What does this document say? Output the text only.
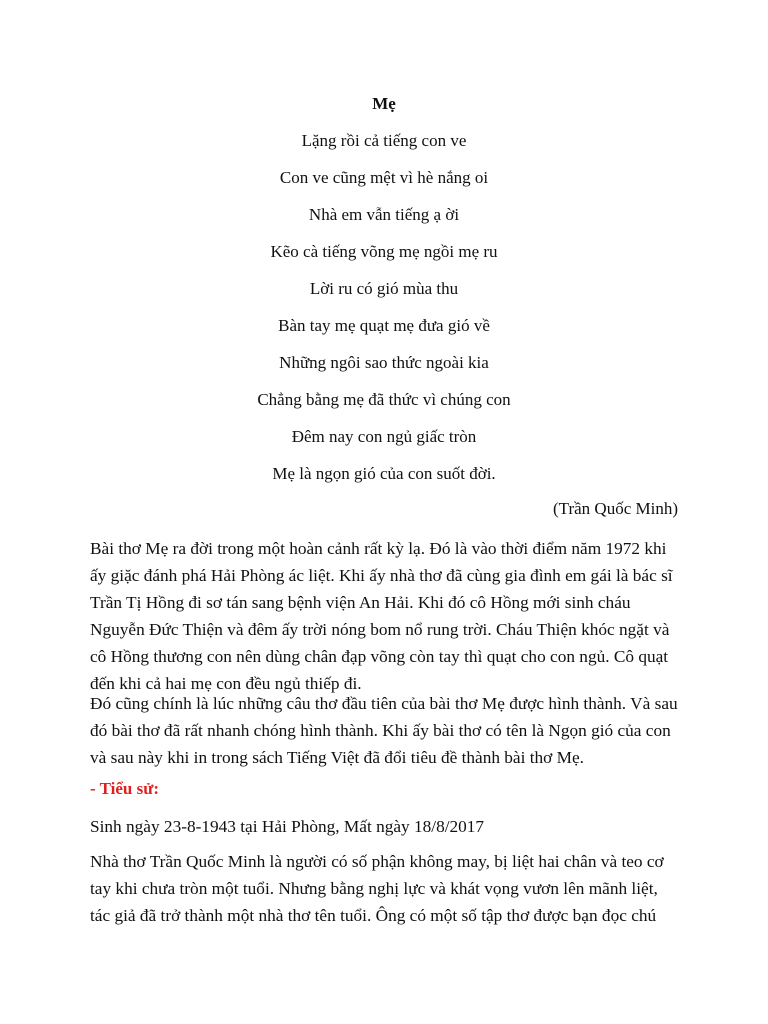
Mẹ
Lặng rồi cả tiếng con ve
Con ve cũng mệt vì hè nắng oi
Nhà em vẫn tiếng ạ ời
Kẽo cà tiếng võng mẹ ngồi mẹ ru
Lời ru có gió mùa thu
Bàn tay mẹ quạt mẹ đưa gió về
Những ngôi sao thức ngoài kia
Chẳng bằng mẹ đã thức vì chúng con
Đêm nay con ngủ giấc tròn
Mẹ là ngọn gió của con suốt đời.
(Trần Quốc Minh)

Bài thơ Mẹ ra đời trong một hoàn cảnh rất kỳ lạ. Đó là vào thời điểm năm 1972 khi ấy giặc đánh phá Hải Phòng ác liệt. Khi ấy nhà thơ đã cùng gia đình em gái là bác sĩ Trần Tị Hồng đi sơ tán sang bệnh viện An Hải. Khi đó cô Hồng mới sinh cháu Nguyễn Đức Thiện và đêm ấy trời nóng bom nổ rung trời. Cháu Thiện khóc ngặt và cô Hồng thương con nên dùng chân đạp võng còn tay thì quạt cho con ngủ. Cô quạt đến khi cả hai mẹ con đều ngủ thiếp đi.

Đó cũng chính là lúc những câu thơ đầu tiên của bài thơ Mẹ được hình thành. Và sau đó bài thơ đã rất nhanh chóng hình thành. Khi ấy bài thơ có tên là Ngọn gió của con và sau này khi in trong sách Tiếng Việt đã đổi tiêu đề thành bài thơ Mẹ.

- Tiểu sử:

Sinh ngày 23-8-1943 tại Hải Phòng, Mất ngày 18/8/2017

Nhà thơ Trần Quốc Minh là người có số phận không may, bị liệt hai chân và teo cơ tay khi chưa tròn một tuổi. Nhưng bằng nghị lực và khát vọng vươn lên mãnh liệt, tác giả đã trở thành một nhà thơ tên tuổi. Ông có một số tập thơ được bạn đọc chú
